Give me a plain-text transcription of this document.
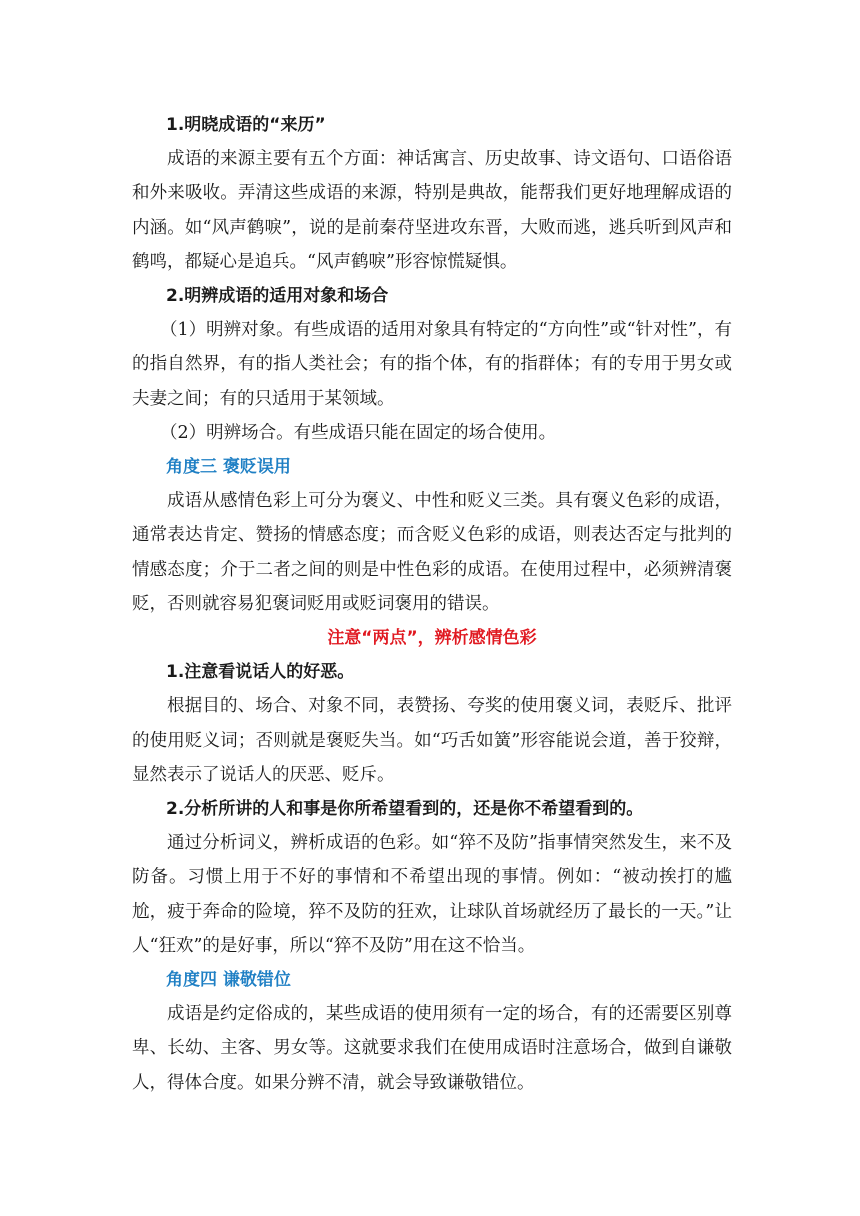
1.明晓成语的“来历”

成语的来源主要有五个方面：神话寓言、历史故事、诗文语句、口语俗语和外来吸收。弄清这些成语的来源，特别是典故，能帮我们更好地理解成语的内涵。如“风声鹤唳”，说的是前秦苻坚进攻东晋，大败而逃，逃兵听到风声和鹤鸣，都疑心是追兵。“风声鹤唳”形容惊慌疑惧。

2.明辨成语的适用对象和场合

（1）明辨对象。有些成语的适用对象具有特定的“方向性”或“针对性”，有的指自然界，有的指人类社会；有的指个体，有的指群体；有的专用于男女或夫妻之间；有的只适用于某领域。

（2）明辨场合。有些成语只能在固定的场合使用。

角度三 褒贬误用

成语从感情色彩上可分为褒义、中性和贬义三类。具有褒义色彩的成语，通常表达肯定、赞扬的情感态度；而含贬义色彩的成语，则表达否定与批判的情感态度；介于二者之间的则是中性色彩的成语。在使用过程中，必须辨清褒贬，否则就容易犯褒词贬用或贬词褒用的错误。

注意“两点”，辨析感情色彩

1.注意看说话人的好恶。

根据目的、场合、对象不同，表赞扬、夸奖的使用褒义词，表贬斥、批评的使用贬义词；否则就是褒贬失当。如“巧舌如簧”形容能说会道，善于狡辩，显然表示了说话人的厌恶、贬斥。

2.分析所讲的人和事是你所希望看到的，还是你不希望看到的。

通过分析词义，辨析成语的色彩。如“猝不及防”指事情突然发生，来不及防备。习惯上用于不好的事情和不希望出现的事情。例如：“被动挨打的尴尬，疲于奔命的险境，猝不及防的狂欢，让球队首场就经历了最长的一天。”让人“狂欢”的是好事，所以“猝不及防”用在这不恰当。

角度四 谦敬错位

成语是约定俗成的，某些成语的使用须有一定的场合，有的还需要区别尊卑、长幼、主客、男女等。这就要求我们在使用成语时注意场合，做到自谦敬人，得体合度。如果分辨不清，就会导致谦敬错位。
